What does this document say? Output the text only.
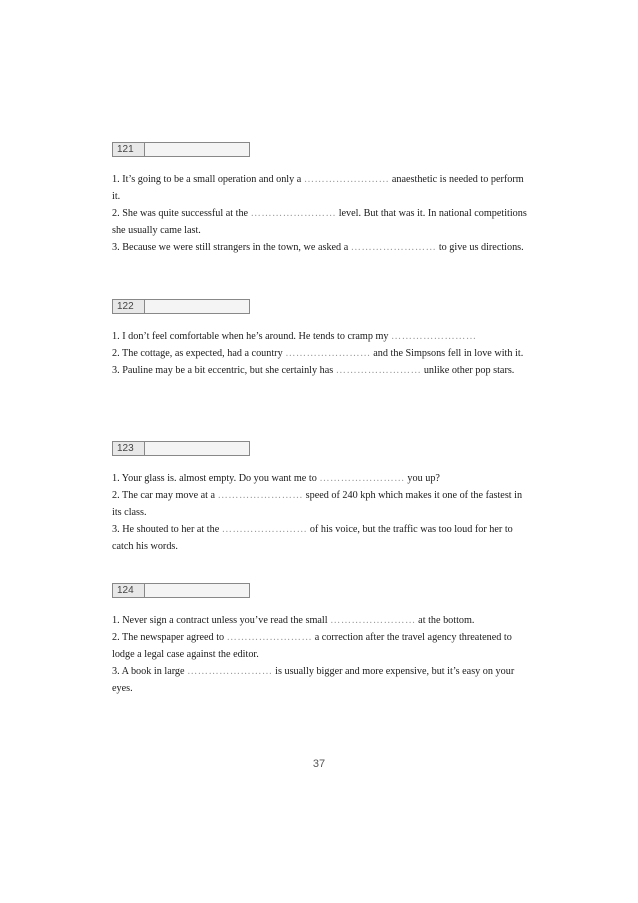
121

1. It’s going to be a small operation and only a …………………… anaesthetic is needed to perform it.

2. She was quite successful at the …………………… level. But that was it. In national competitions she usually came last.

3. Because we were still strangers in the town, we asked a …………………… to give us directions.

122

1. I don’t feel comfortable when he’s around. He tends to cramp my ……………………

2. The cottage, as expected, had a country …………………… and the Simpsons fell in love with it.

3. Pauline may be a bit eccentric, but she certainly has …………………… unlike other pop stars.

123

1. Your glass is. almost empty. Do you want me to …………………… you up?

2. The car may move at a …………………… speed of 240 kph which makes it one of the fastest in its class.

3. He shouted to her at the …………………… of his voice, but the traffic was too loud for her to catch his words.

124

1. Never sign a contract unless you’ve read the small …………………… at the bottom.

2. The newspaper agreed to …………………… a correction after the travel agency threatened to lodge a legal case against the editor.

3. A book in large …………………… is usually bigger and more expensive, but it’s easy on your eyes.

37
